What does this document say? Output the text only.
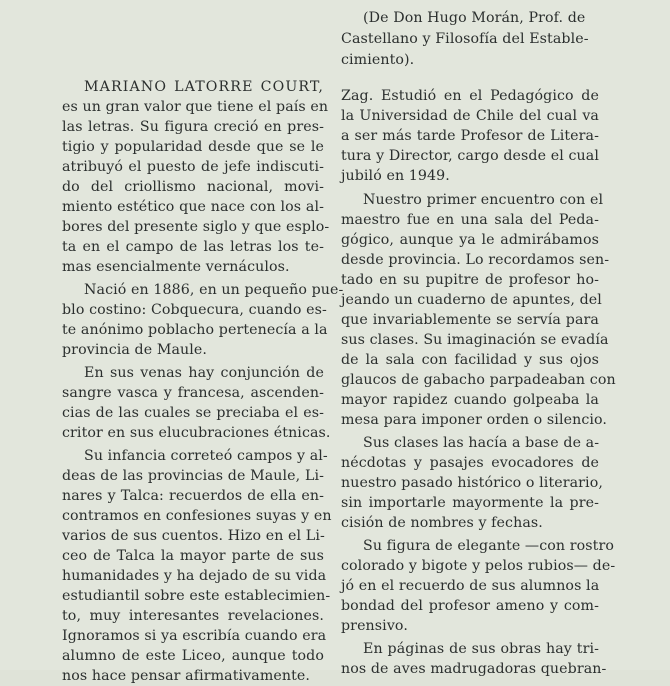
(De Don Hugo Morán, Prof. de
Castellano y Filosofía del Estable-
cimiento).
MARIANO LATORRE COURT,
es un gran valor que tiene el país en
las letras. Su figura creció en pres-
tigio y popularidad desde que se le
atribuyó el puesto de jefe indiscuti-
do del criollismo nacional, movi-
miento estético que nace con los al-
bores del presente siglo y que esplo-
ta en el campo de las letras los te-
mas esencialmente vernáculos.
Nació en 1886, en un pequeño pue-
blo costino: Cobquecura, cuando es-
te anónimo poblacho pertenecía a la
provincia de Maule.
En sus venas hay conjunción de
sangre vasca y francesa, ascenden-
cias de las cuales se preciaba el es-
critor en sus elucubraciones étnicas.
Su infancia correteó campos y al-
deas de las provincias de Maule, Li-
nares y Talca: recuerdos de ella en-
contramos en confesiones suyas y en
varios de sus cuentos. Hizo en el Li-
ceo de Talca la mayor parte de sus
humanidades y ha dejado de su vida
estudiantil sobre este establecimien-
to, muy interesantes revelaciones.
Ignoramos si ya escribía cuando era
alumno de este Liceo, aunque todo
nos hace pensar afirmativamente.
Zag. Estudió en el Pedagógico de
la Universidad de Chile del cual va
a ser más tarde Profesor de Litera-
tura y Director, cargo desde el cual
jubiló en 1949.
Nuestro primer encuentro con el
maestro fue en una sala del Peda-
gógico, aunque ya le admirábamos
desde provincia. Lo recordamos sen-
tado en su pupitre de profesor ho-
jeando un cuaderno de apuntes, del
que invariablemente se servía para
sus clases. Su imaginación se evadía
de la sala con facilidad y sus ojos
glaucos de gabacho parpadeaban con
mayor rapidez cuando golpeaba la
mesa para imponer orden o silencio.
Sus clases las hacía a base de a-
nécdotas y pasajes evocadores de
nuestro pasado histórico o literario,
sin importarle mayormente la pre-
cisión de nombres y fechas.
Su figura de elegante —con rostro
colorado y bigote y pelos rubios— de-
jó en el recuerdo de sus alumnos la
bondad del profesor ameno y com-
prensivo.
En páginas de sus obras hay tri-
nos de aves madrugadoras quebran-
